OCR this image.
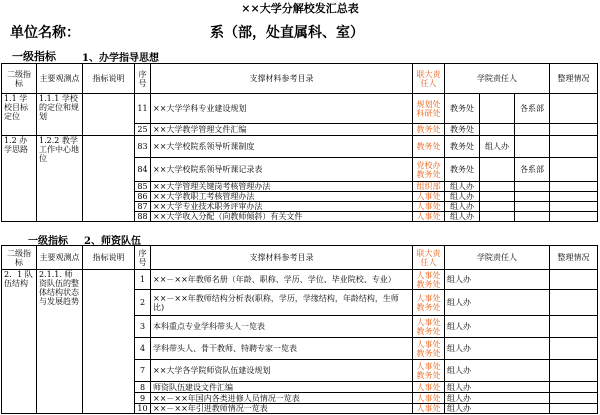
××大学分解校发汇总表
单位名称：	系（部，处直属科、室）
一级指标	1、办学指导思想
二级指标	主要观测点	指标说明	序号	支撑材料参考目录	联大责任人	学院责任人			整理情况
1.1 学校目标定位	1.1.1 学校的定位和规划		11	××大学学科专业建设规划	规划处 科研处	教务处		各系部	
			25	××大学教学管理文件汇编	教务处	教务处			
1.2 办学思路	1.2.2 教学工作中心地位		83	××大学校院系领导听课制度	教务处	教务处	组人办		
			84	××大学校院系领导听课记录表	党校办 教务处	教务处		各系部	
			85	××大学管理关键岗考核管理办法	组织部	组人办			
			86	××大学教职工考核管理办法	人事处	组人办			
			87	××大学专业技术职务评审办法	人事处	组人办			
			88	××大学收入分配（向教师倾斜）有关文件	人事处	组人办			
一级指标 2、师资队伍
二级指标	主要观测点	指标说明	序号	支撑材料参考目录	联大责任人	学院责任人	整理情况
2．1 队伍结构	2.1.1. 师资队伍的整体结构状态与发展趋势		1	××－××年教师名册（年龄、职称、学历、学位、毕业院校、专业）	人事处 教务处	组人办	
			2	××－××年教师结构分析表(职称，学历，学缘结构，年龄结构，生师比)	人事处 教务处	组人办	
			3	本科重点专业学科带头人一览表	人事处 教务处	组人办	
			4	学科带头人、骨干教师、特聘专家一览表	人事处 教务处	组人办	
			7	××大学各学院师资队伍建设规划	人事处 教务处	组人办	
			8	师资队伍建设文件汇编	人事处	组人办	
			9	××－××年国内各类进修人员情况一览表	人事处	组人办	
			10	××－××年引进教师情况一览表	人事处	组人办	
